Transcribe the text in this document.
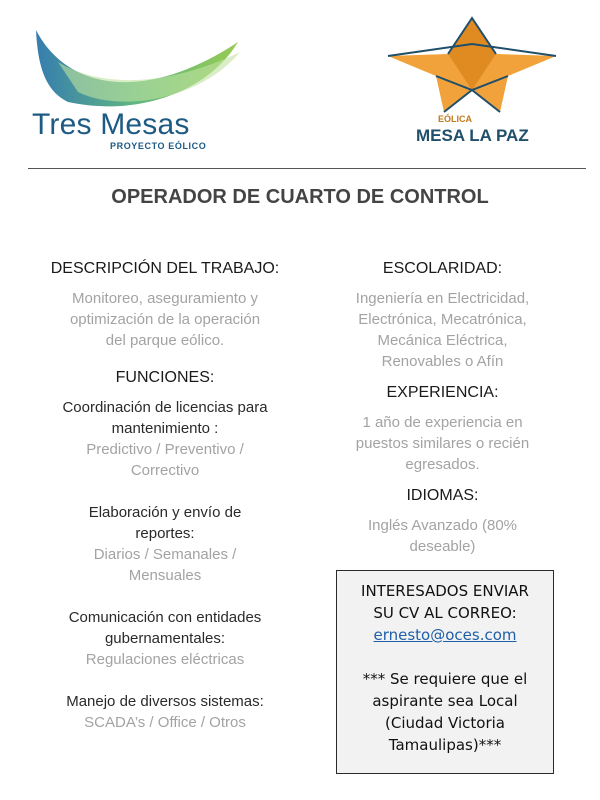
Tres Mesas
PROYECTO EÓLICO
EÓLICA
MESA LA PAZ
OPERADOR DE CUARTO DE CONTROL
DESCRIPCIÓN DEL TRABAJO:
Monitoreo, aseguramiento y
optimización de la operación
del parque eólico.
FUNCIONES:
Coordinación de licencias para
mantenimiento :
Predictivo / Preventivo /
Correctivo
Elaboración y envío de
reportes:
Diarios / Semanales /
Mensuales
Comunicación con entidades
gubernamentales:
Regulaciones eléctricas
Manejo de diversos sistemas:
SCADA’s / Office / Otros
ESCOLARIDAD:
Ingeniería en Electricidad,
Electrónica, Mecatrónica,
Mecánica Eléctrica,
Renovables o Afín
EXPERIENCIA:
1 año de experiencia en
puestos similares o recién
egresados.
IDIOMAS:
Inglés Avanzado (80%
deseable)
INTERESADOS ENVIAR
SU CV AL CORREO:
ernesto@oces.com
*** Se requiere que el
aspirante sea Local
(Ciudad Victoria
Tamaulipas)***
